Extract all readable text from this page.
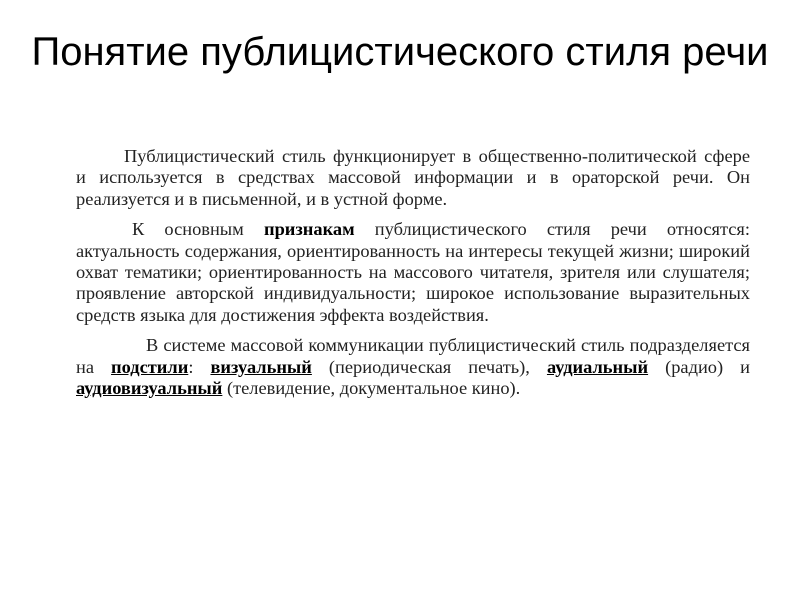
Понятие публицистического стиля речи

Публицистический стиль функционирует в общественно-политической сфере и используется в средствах массовой информации и в ораторской речи. Он реализуется и в письменной, и в устной форме.

К основным признакам публицистического стиля речи относятся: актуальность содержания, ориентированность на интересы текущей жизни; широкий охват тематики; ориентированность на массового читателя, зрителя или слушателя; проявление авторской индивидуальности; широкое использование выразительных средств языка для достижения эффекта воздействия.

В системе массовой коммуникации публицистический стиль подразделяется на подстили: визуальный (периодическая печать), аудиальный (радио) и аудиовизуальный (телевидение, документальное кино).
